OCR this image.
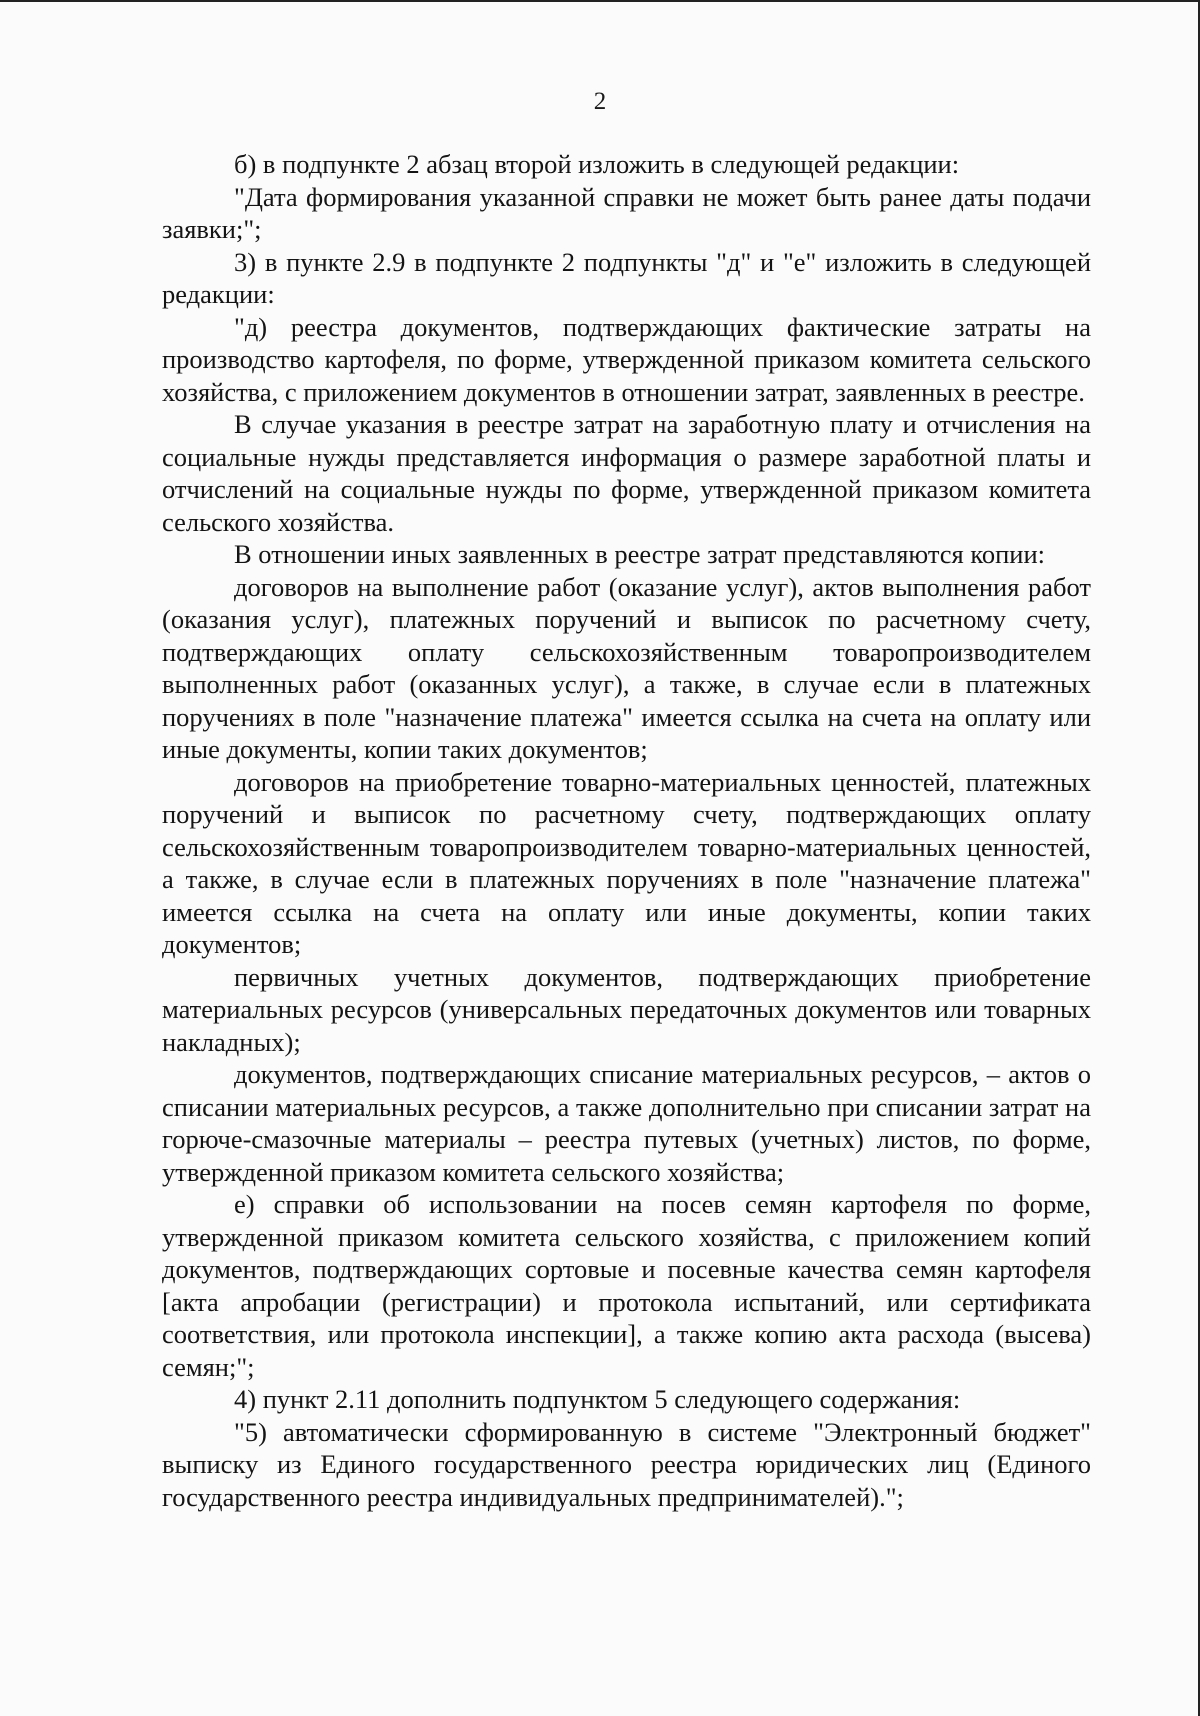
2

б) в подпункте 2 абзац второй изложить в следующей редакции:

"Дата формирования указанной справки не может быть ранее даты подачи заявки;";

3) в пункте 2.9 в подпункте 2 подпункты "д" и "е" изложить в следующей редакции:

"д) реестра документов, подтверждающих фактические затраты на производство картофеля, по форме, утвержденной приказом комитета сельского хозяйства, с приложением документов в отношении затрат, заявленных в реестре.

В случае указания в реестре затрат на заработную плату и отчисления на социальные нужды представляется информация о размере заработной платы и отчислений на социальные нужды по форме, утвержденной приказом комитета сельского хозяйства.

В отношении иных заявленных в реестре затрат представляются копии:

договоров на выполнение работ (оказание услуг), актов выполнения работ (оказания услуг), платежных поручений и выписок по расчетному счету, подтверждающих оплату сельскохозяйственным товаропроизводителем выполненных работ (оказанных услуг), а также, в случае если в платежных поручениях в поле "назначение платежа" имеется ссылка на счета на оплату или иные документы, копии таких документов;

договоров на приобретение товарно-материальных ценностей, платежных поручений и выписок по расчетному счету, подтверждающих оплату сельскохозяйственным товаропроизводителем товарно-материальных ценностей, а также, в случае если в платежных поручениях в поле "назначение платежа" имеется ссылка на счета на оплату или иные документы, копии таких документов;

первичных учетных документов, подтверждающих приобретение материальных ресурсов (универсальных передаточных документов или товарных накладных);

документов, подтверждающих списание материальных ресурсов, – актов о списании материальных ресурсов, а также дополнительно при списании затрат на горюче-смазочные материалы – реестра путевых (учетных) листов, по форме, утвержденной приказом комитета сельского хозяйства;

е) справки об использовании на посев семян картофеля по форме, утвержденной приказом комитета сельского хозяйства, с приложением копий документов, подтверждающих сортовые и посевные качества семян картофеля [акта апробации (регистрации) и протокола испытаний, или сертификата соответствия, или протокола инспекции], а также копию акта расхода (высева) семян;";

4) пункт 2.11 дополнить подпунктом 5 следующего содержания:

"5) автоматически сформированную в системе "Электронный бюджет" выписку из Единого государственного реестра юридических лиц (Единого государственного реестра индивидуальных предпринимателей).";
